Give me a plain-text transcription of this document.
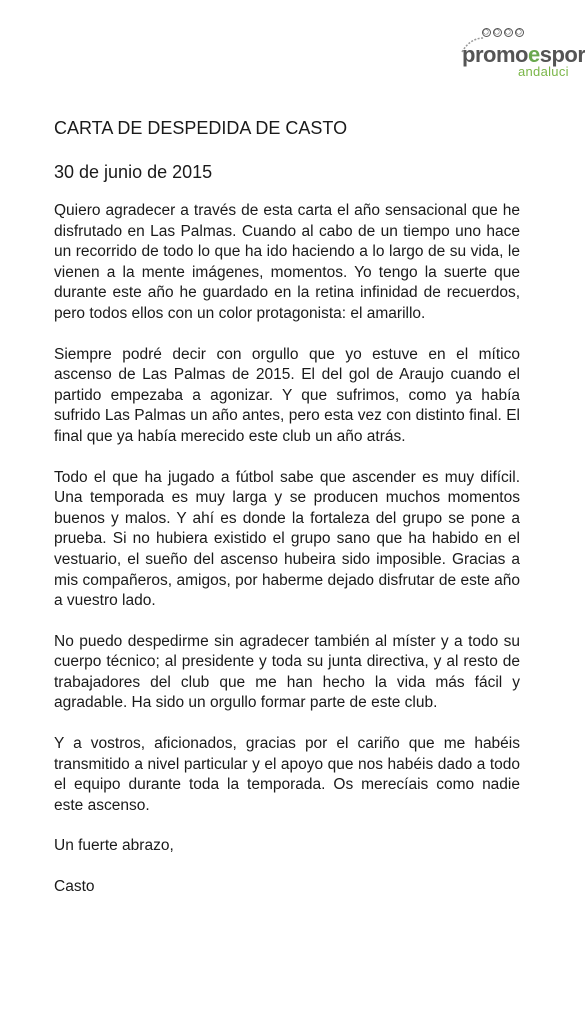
promoespor
andaluci
CARTA DE DESPEDIDA DE CASTO

30 de junio de 2015

Quiero agradecer a través de esta carta el año sensacional que he disfrutado en Las Palmas. Cuando al cabo de un tiempo uno hace un recorrido de todo lo que ha ido haciendo a lo largo de su vida, le vienen a la mente imágenes, momentos. Yo tengo la suerte que durante este año he guardado en la retina infinidad de recuerdos, pero todos ellos con un color protagonista: el amarillo.

Siempre podré decir con orgullo que yo estuve en el mítico ascenso de Las Palmas de 2015. El del gol de Araujo cuando el partido empezaba a agonizar. Y que sufrimos, como ya había sufrido Las Palmas un año antes, pero esta vez con distinto final. El final que ya había merecido este club un año atrás.

Todo el que ha jugado a fútbol sabe que ascender es muy difícil. Una temporada es muy larga y se producen muchos momentos buenos y malos. Y ahí es donde la fortaleza del grupo se pone a prueba. Si no hubiera existido el grupo sano que ha habido en el vestuario, el sueño del ascenso hubeira sido imposible. Gracias a mis compañeros, amigos, por haberme dejado disfrutar de este año a vuestro lado.

No puedo despedirme sin agradecer también al míster y a todo su cuerpo técnico; al presidente y toda su junta directiva, y al resto de trabajadores del club que me han hecho la vida más fácil y agradable. Ha sido un orgullo formar parte de este club.

Y a vostros, aficionados, gracias por el cariño que me habéis transmitido a nivel particular y el apoyo que nos habéis dado a todo el equipo durante toda la temporada. Os merecíais como nadie este ascenso.

Un fuerte abrazo,

Casto
